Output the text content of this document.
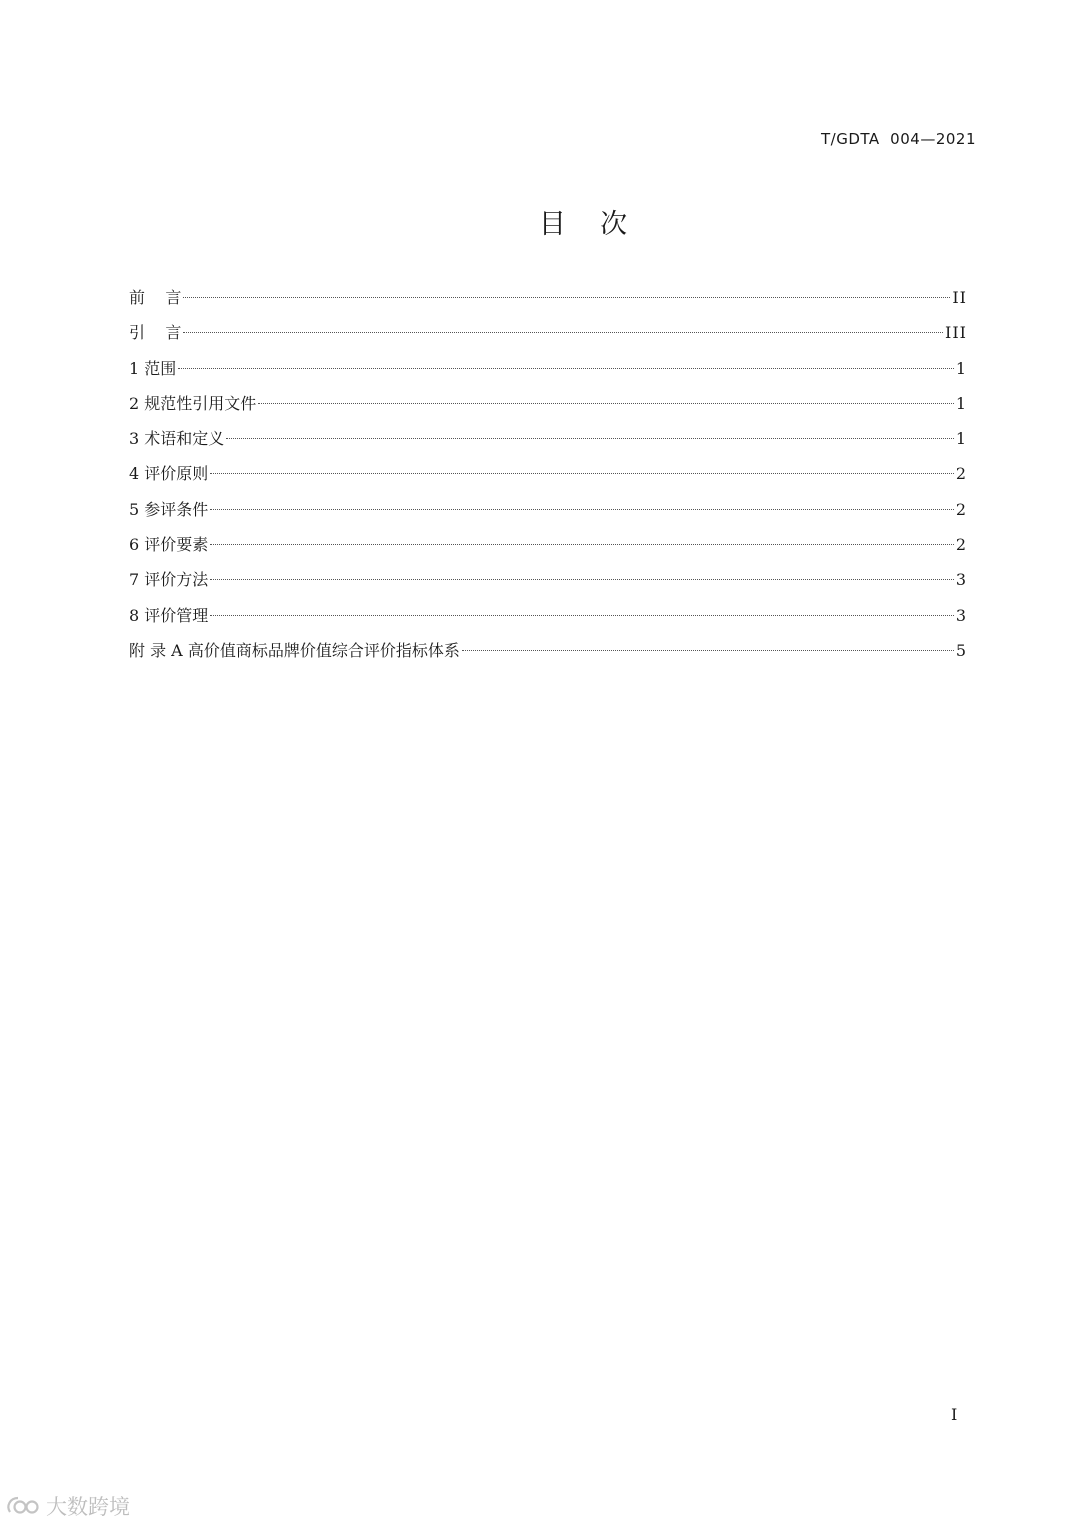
T/GDTA  004—2021
目    次
前    言	II
引    言	III
1 范围	1
2 规范性引用文件	1
3 术语和定义	1
4 评价原则	2
5 参评条件	2
6 评价要素	2
7 评价方法	3
8 评价管理	3
附 录 A 高价值商标品牌价值综合评价指标体系	5
I
大数跨境
